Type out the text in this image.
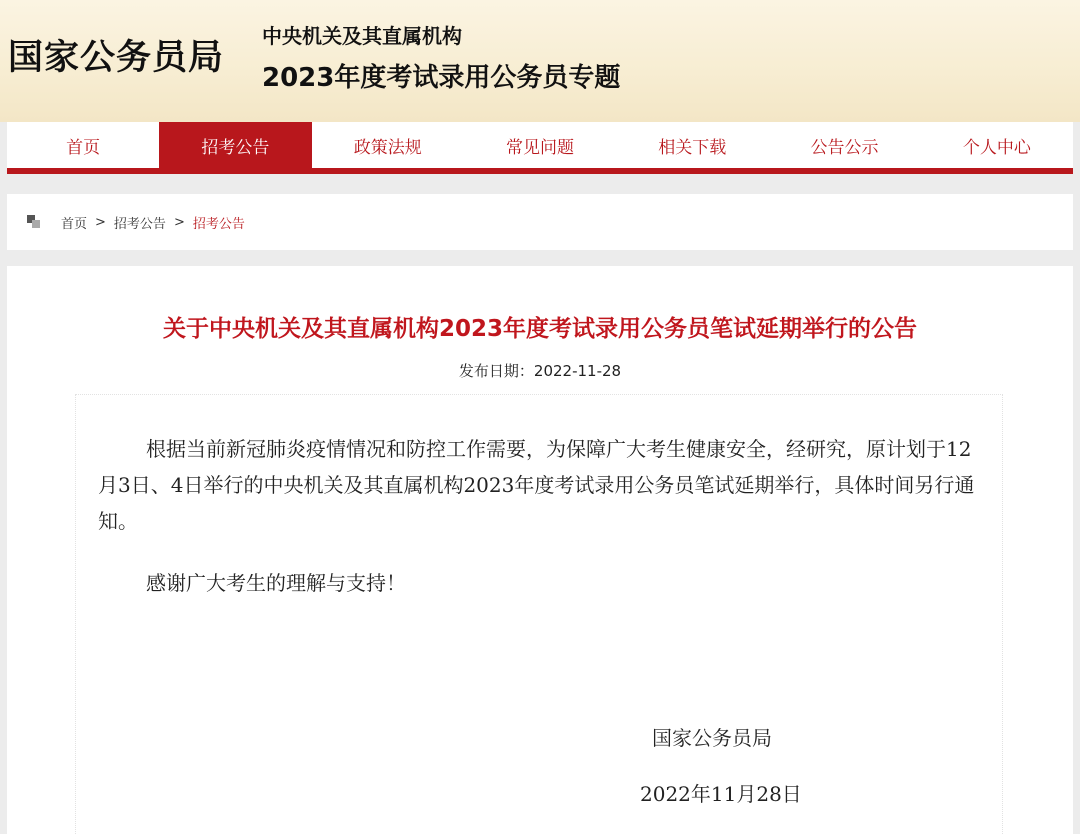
国家公务员局
中央机关及其直属机构
2023年度考试录用公务员专题
首页	招考公告	政策法规	常见问题	相关下载	公告公示	个人中心
首页 > 招考公告 > 招考公告
关于中央机关及其直属机构2023年度考试录用公务员笔试延期举行的公告
发布日期：2022-11-28

根据当前新冠肺炎疫情情况和防控工作需要，为保障广大考生健康安全，经研究，原计划于12月3日、4日举行的中央机关及其直属机构2023年度考试录用公务员笔试延期举行，具体时间另行通知。

感谢广大考生的理解与支持！

国家公务员局
2022年11月28日
